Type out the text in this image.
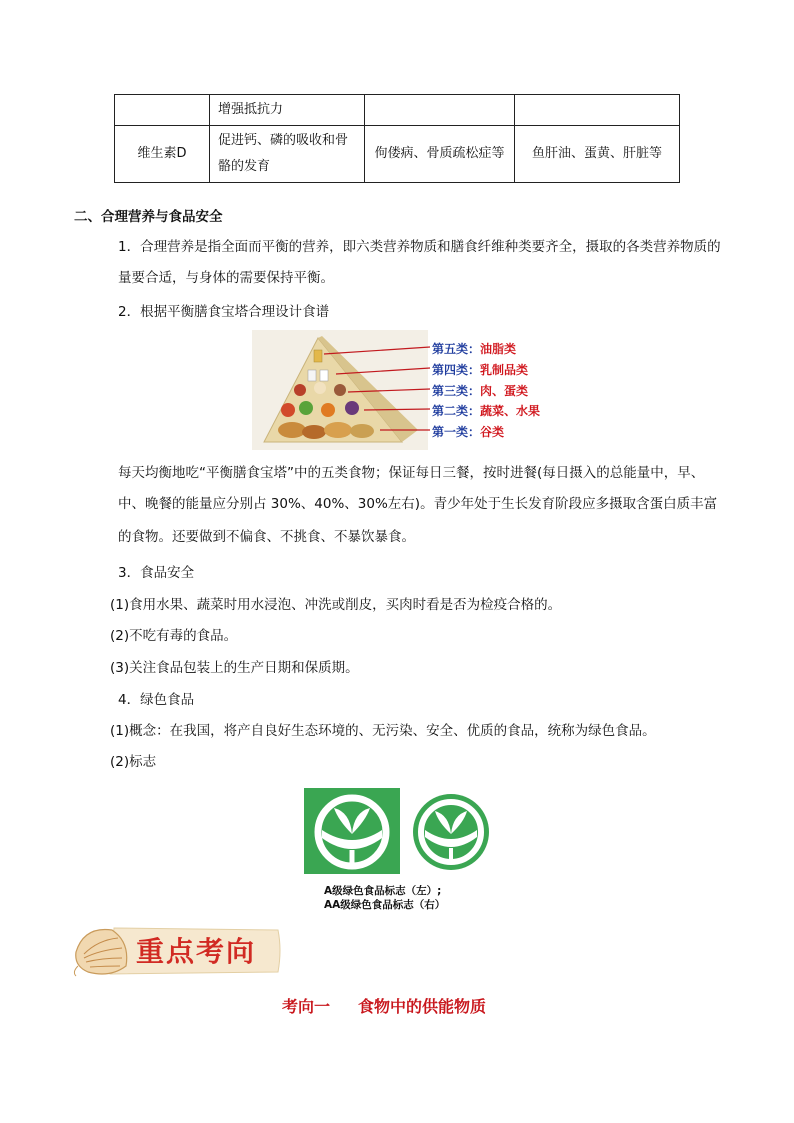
	增强抵抗力		
维生素D	促进钙、磷的吸收和骨
骼的发育	佝偻病、骨质疏松症等	鱼肝油、蛋黄、肝脏等
二、合理营养与食品安全
1．合理营养是指全面而平衡的营养，即六类营养物质和膳食纤维种类要齐全，摄取的各类营养物质的
量要合适，与身体的需要保持平衡。
2．根据平衡膳食宝塔合理设计食谱
第五类：油脂类
第四类：乳制品类
第三类：肉、蛋类
第二类：蔬菜、水果
第一类：谷类
每天均衡地吃“平衡膳食宝塔”中的五类食物；保证每日三餐，按时进餐(每日摄入的总能量中，早、
中、晚餐的能量应分别占 30%、40%、30%左右)。青少年处于生长发育阶段应多摄取含蛋白质丰富
的食物。还要做到不偏食、不挑食、不暴饮暴食。
3．食品安全
(1)食用水果、蔬菜时用水浸泡、冲洗或削皮，买肉时看是否为检疫合格的。
(2)不吃有毒的食品。
(3)关注食品包装上的生产日期和保质期。
4．绿色食品
(1)概念：在我国，将产自良好生态环境的、无污染、安全、优质的食品，统称为绿色食品。
(2)标志
A级绿色食品标志（左）;
AA级绿色食品标志（右）
重点考向
考向一 食物中的供能物质
